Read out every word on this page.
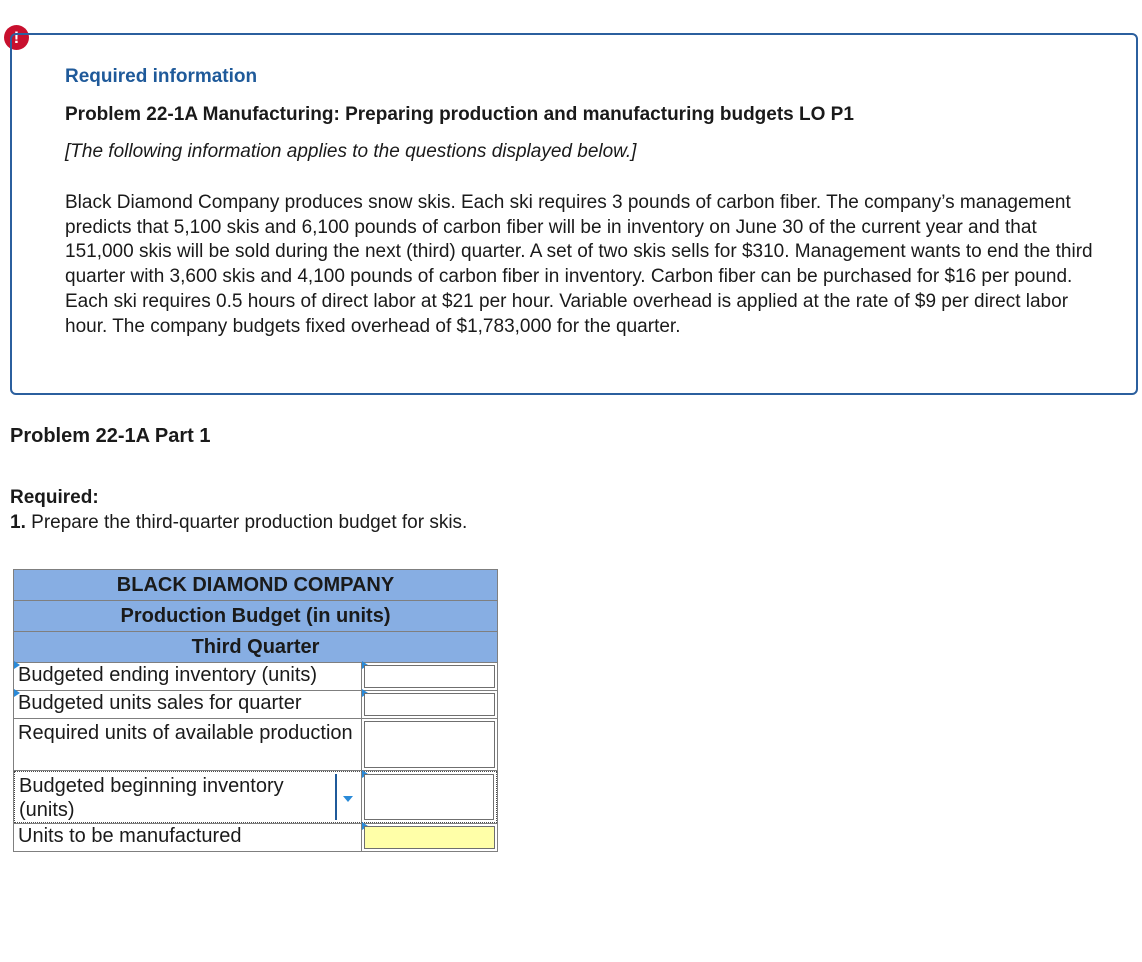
!
Required information
Problem 22-1A Manufacturing: Preparing production and manufacturing budgets LO P1
[The following information applies to the questions displayed below.]
Black Diamond Company produces snow skis. Each ski requires 3 pounds of carbon fiber. The company’s management predicts that 5,100 skis and 6,100 pounds of carbon fiber will be in inventory on June 30 of the current year and that 151,000 skis will be sold during the next (third) quarter. A set of two skis sells for $310. Management wants to end the third quarter with 3,600 skis and 4,100 pounds of carbon fiber in inventory. Carbon fiber can be purchased for $16 per pound. Each ski requires 0.5 hours of direct labor at $21 per hour. Variable overhead is applied at the rate of $9 per direct labor hour. The company budgets fixed overhead of $1,783,000 for the quarter.
Problem 22-1A Part 1
Required:
1. Prepare the third-quarter production budget for skis.
BLACK DIAMOND COMPANY
Production Budget (in units)
Third Quarter
Budgeted ending inventory (units)
Budgeted units sales for quarter
Required units of available production
Budgeted beginning inventory (units)
Units to be manufactured
